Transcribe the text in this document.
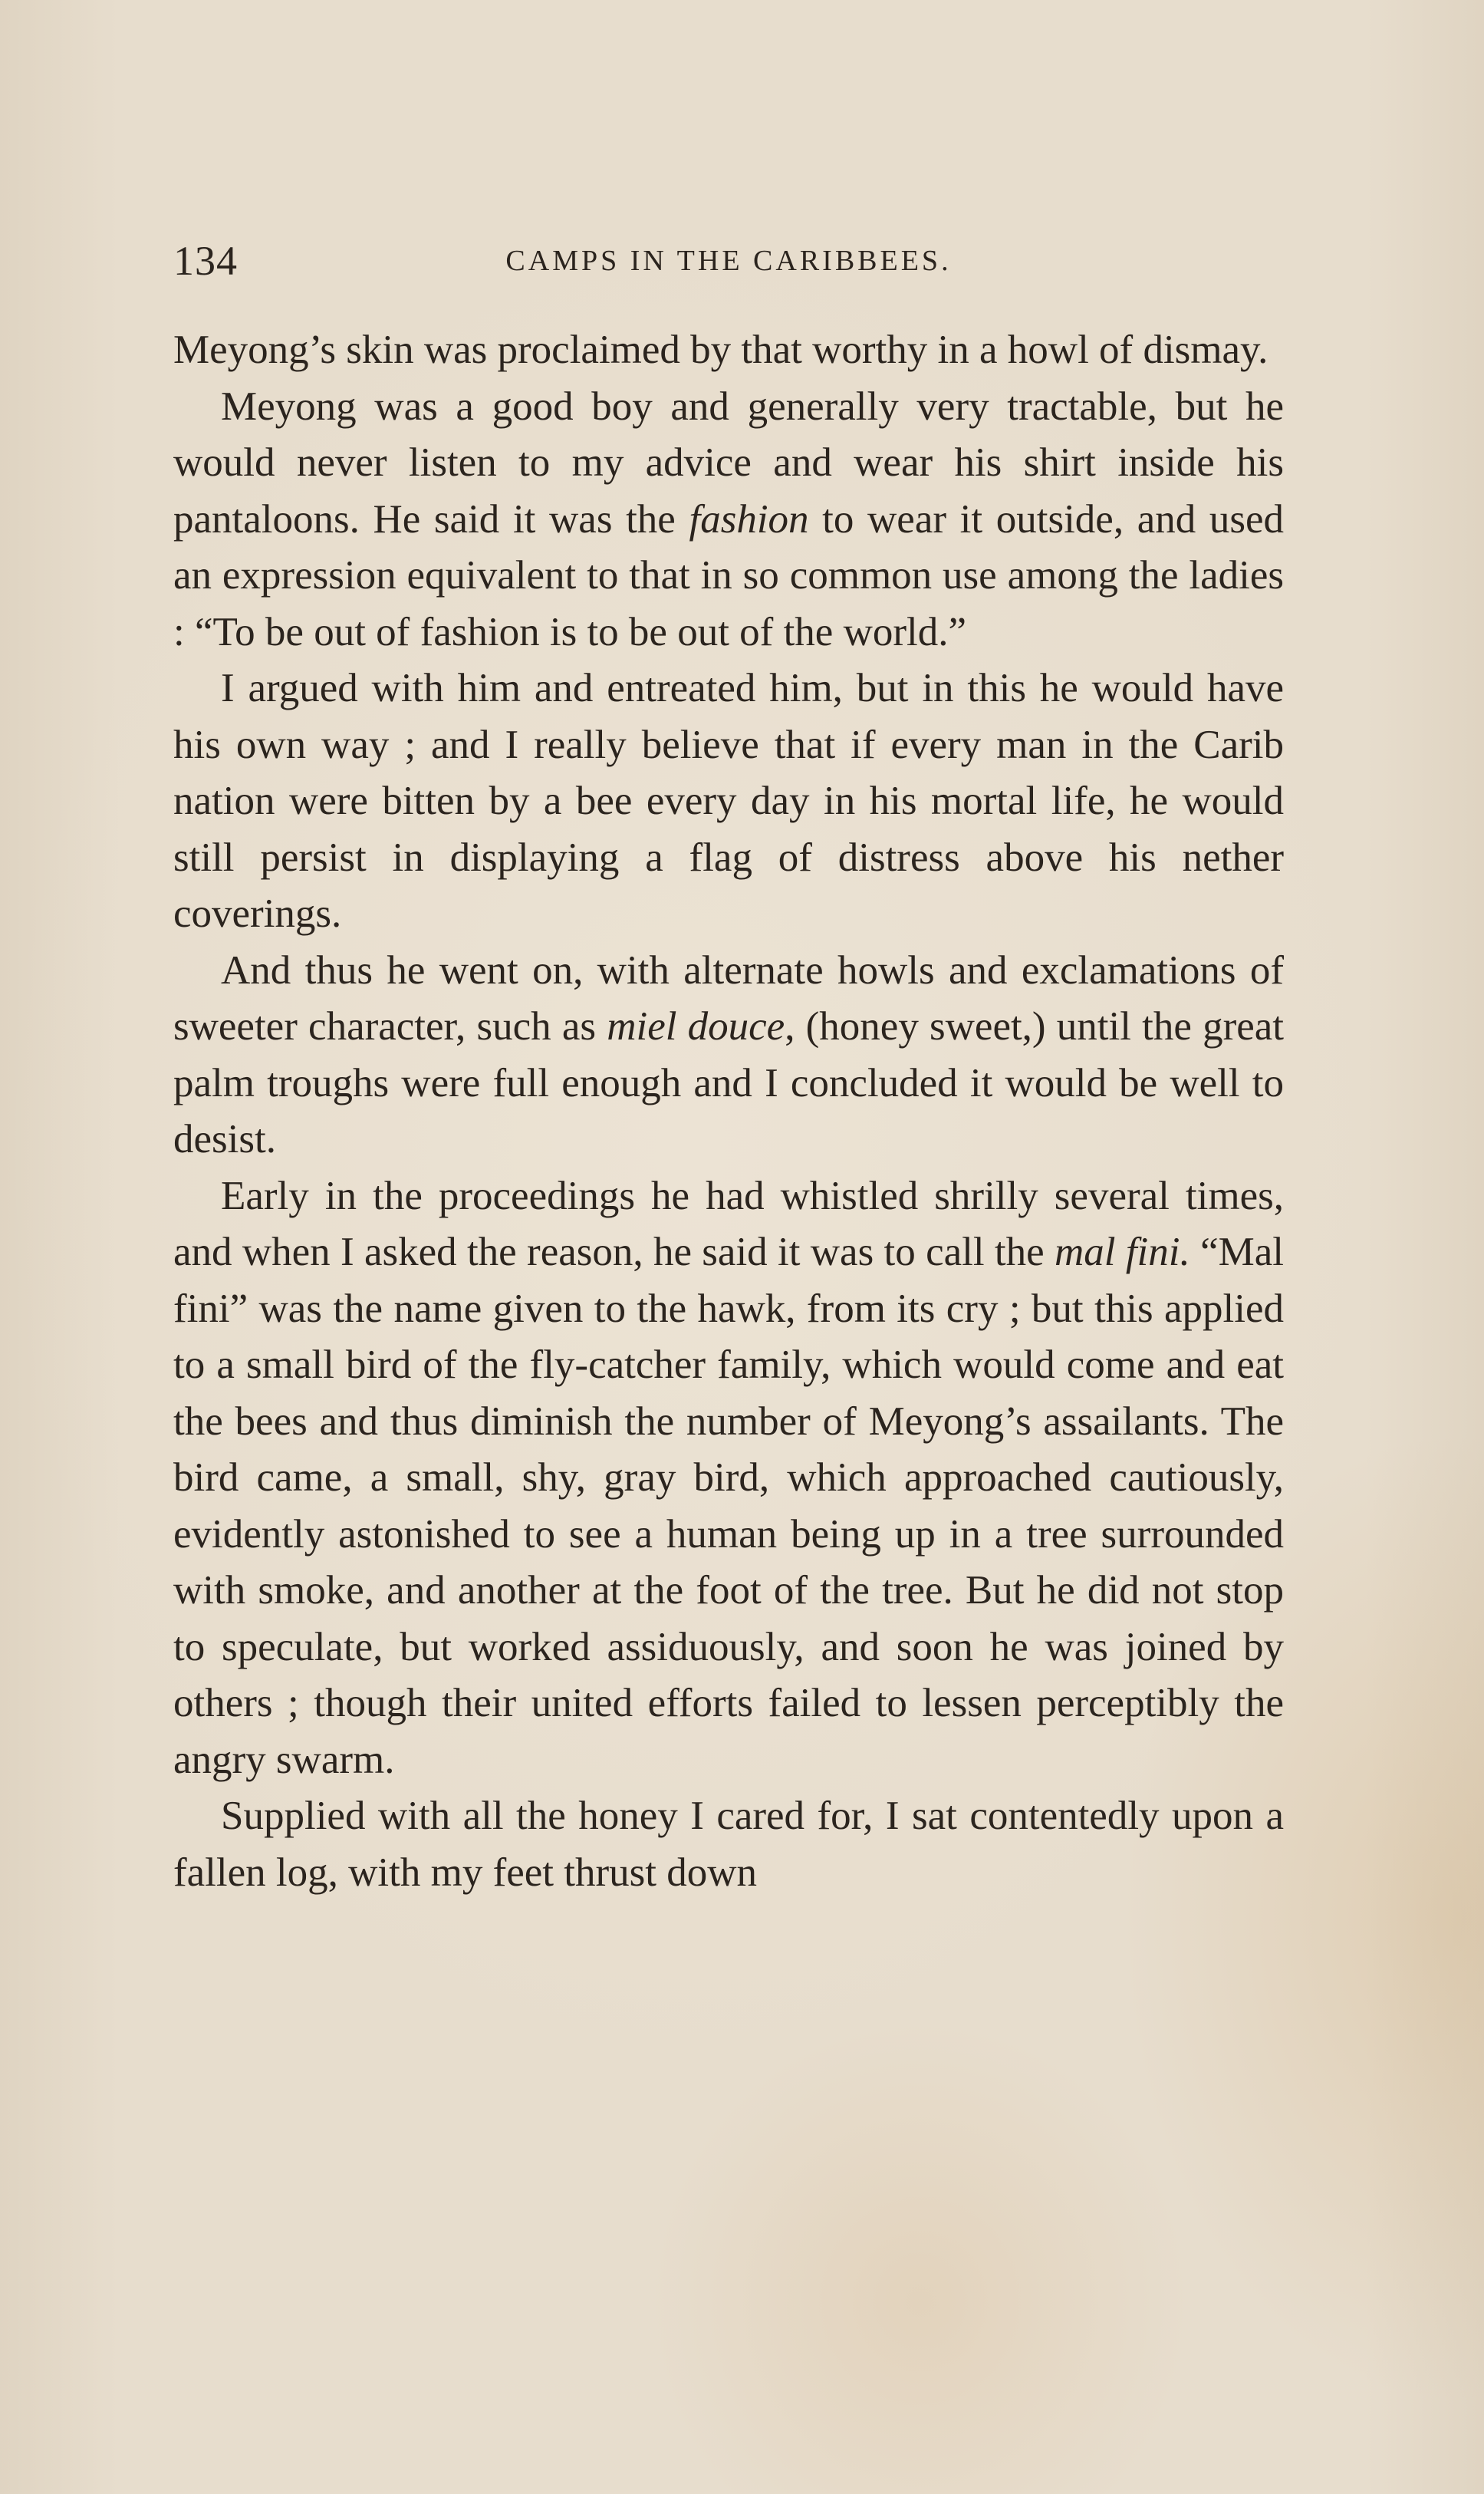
134	CAMPS IN THE CARIBBEES.

Meyong’s skin was proclaimed by that worthy in a howl of dismay.

Meyong was a good boy and generally very tractable, but he would never listen to my advice and wear his shirt inside his pantaloons. He said it was the fashion to wear it outside, and used an expression equivalent to that in so common use among the ladies : “To be out of fashion is to be out of the world.”

I argued with him and entreated him, but in this he would have his own way ; and I really believe that if every man in the Carib nation were bitten by a bee every day in his mortal life, he would still persist in displaying a flag of distress above his nether coverings.

And thus he went on, with alternate howls and exclamations of sweeter character, such as miel douce, (honey sweet,) until the great palm troughs were full enough and I concluded it would be well to desist.

Early in the proceedings he had whistled shrilly several times, and when I asked the reason, he said it was to call the mal fini. “Mal fini” was the name given to the hawk, from its cry ; but this applied to a small bird of the fly-catcher family, which would come and eat the bees and thus diminish the number of Meyong’s assailants. The bird came, a small, shy, gray bird, which approached cautiously, evidently astonished to see a human being up in a tree surrounded with smoke, and another at the foot of the tree. But he did not stop to speculate, but worked assiduously, and soon he was joined by others ; though their united efforts failed to lessen perceptibly the angry swarm.

Supplied with all the honey I cared for, I sat contentedly upon a fallen log, with my feet thrust down
